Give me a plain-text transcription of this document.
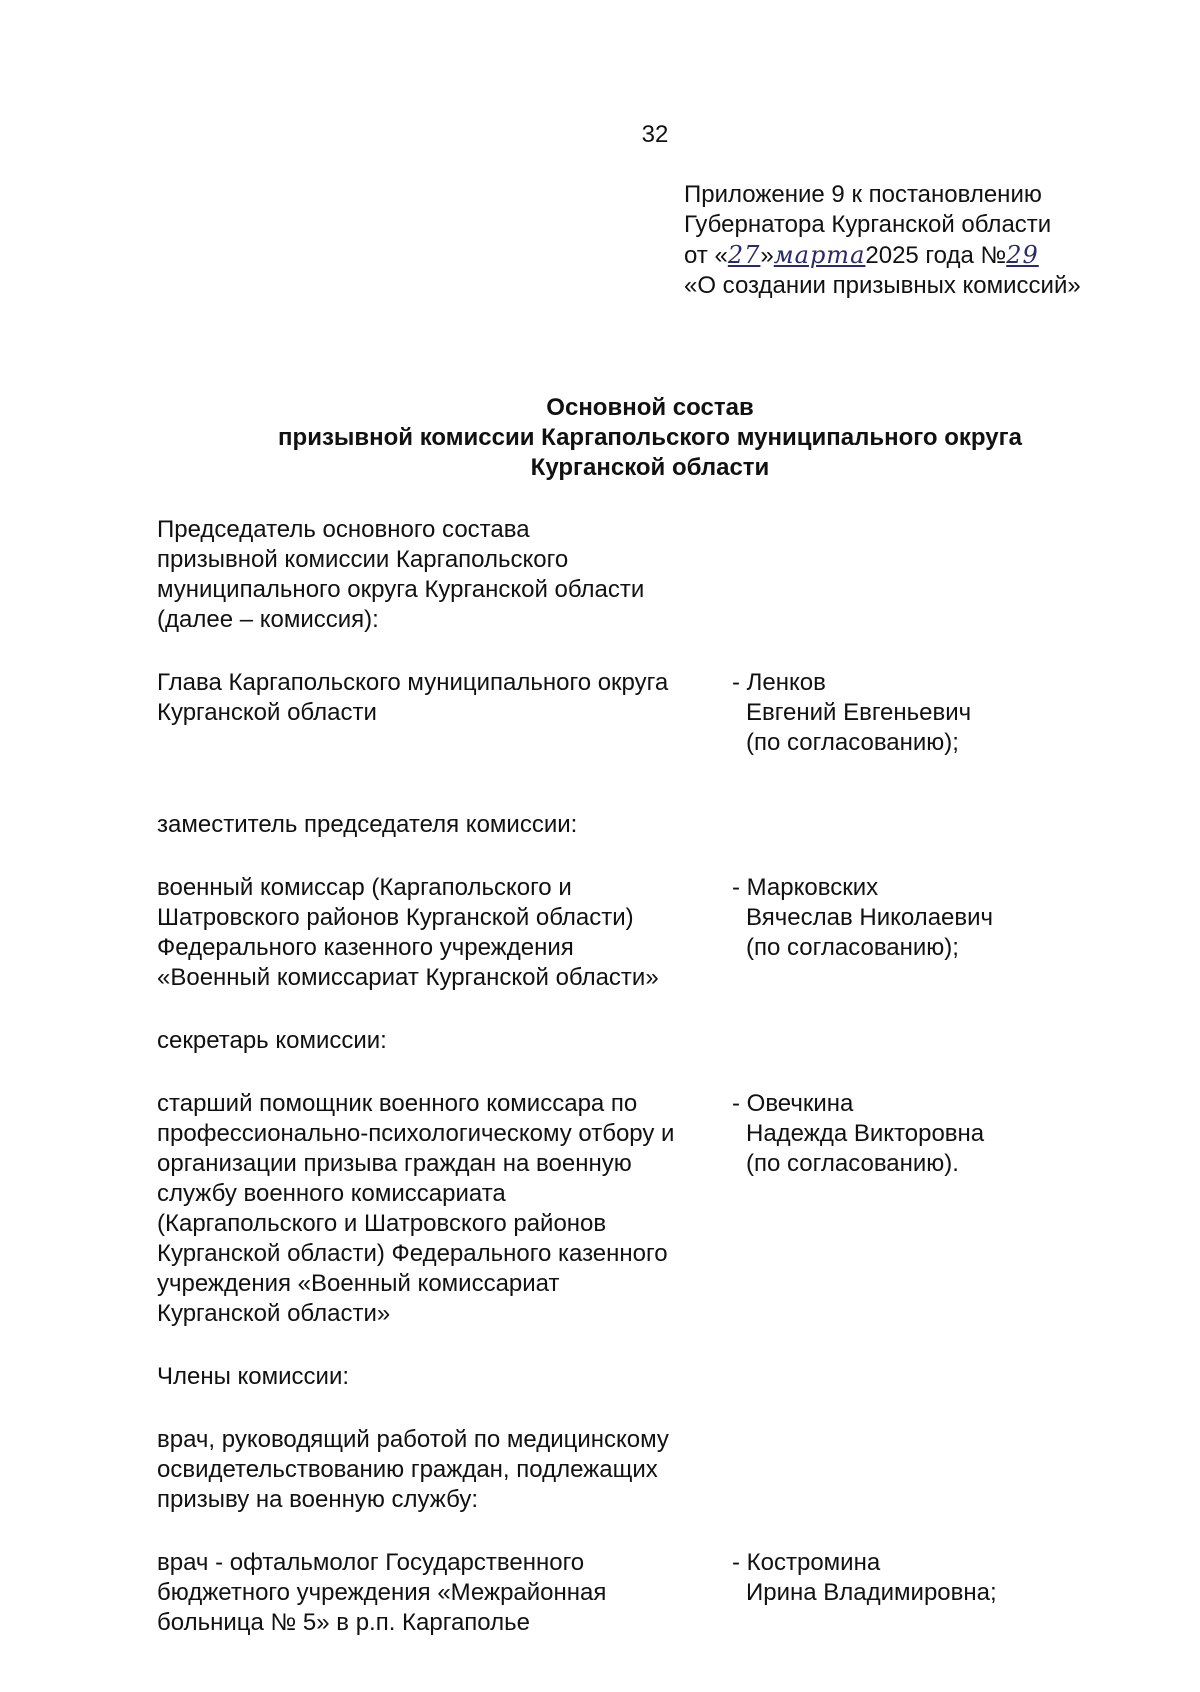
32
Приложение 9 к постановлению
Губернатора Курганской области
от «27»марта2025 года №29
«О создании призывных комиссий»
Основной состав
призывной комиссии Каргапольского муниципального округа
Курганской области
Председатель основного состава
призывной комиссии Каргапольского
муниципального округа Курганской области
(далее – комиссия):
Глава Каргапольского муниципального округа
Курганской области
- Ленков
Евгений Евгеньевич
(по согласованию);
заместитель председателя комиссии:
военный комиссар (Каргапольского и
Шатровского районов Курганской области)
Федерального казенного учреждения
«Военный комиссариат Курганской области»
- Марковских
Вячеслав Николаевич
(по согласованию);
секретарь комиссии:
старший помощник военного комиссара по
профессионально-психологическому отбору и
организации призыва граждан на военную
службу военного комиссариата
(Каргапольского и Шатровского районов
Курганской области) Федерального казенного
учреждения «Военный комиссариат
Курганской области»
- Овечкина
Надежда Викторовна
(по согласованию).
Члены комиссии:
врач, руководящий работой по медицинскому
освидетельствованию граждан, подлежащих
призыву на военную службу:
врач - офтальмолог Государственного
бюджетного учреждения «Межрайонная
больница № 5» в р.п. Каргаполье
- Костромина
Ирина Владимировна;
